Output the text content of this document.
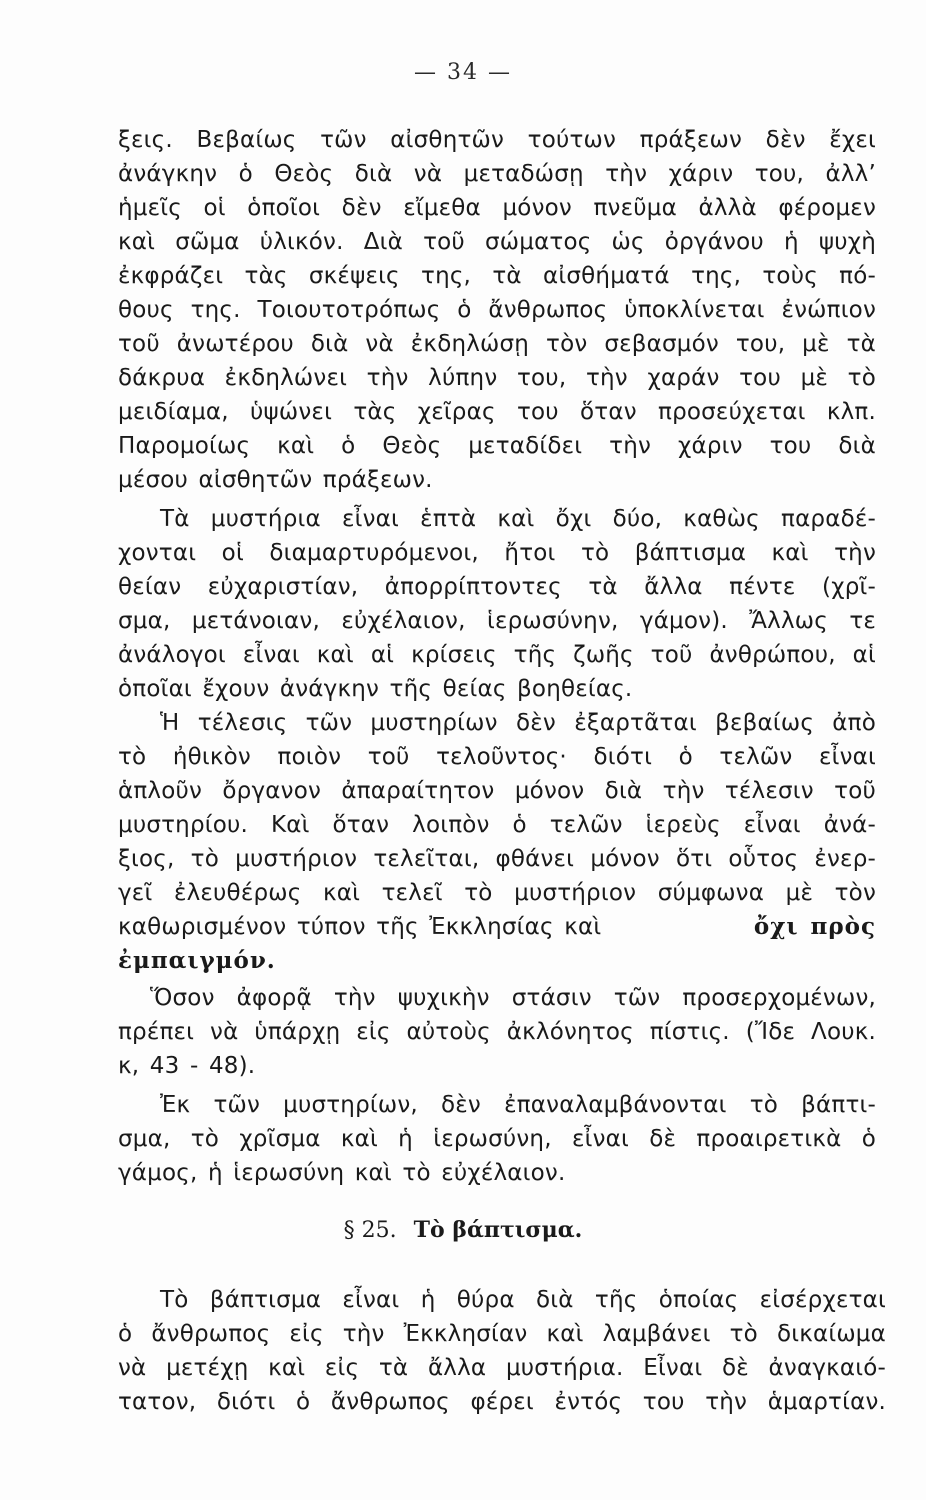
— 34 —
ξεις. Βεβαίως τῶν αἰσθητῶν τούτων πράξεων δὲν ἔχει
ἀνάγκην ὁ Θεὸς διὰ νὰ μεταδώσῃ τὴν χάριν του, ἀλλ’
ἡμεῖς οἱ ὁποῖοι δὲν εἴμεθα μόνον πνεῦμα ἀλλὰ φέρομεν
καὶ σῶμα ὑλικόν. Διὰ τοῦ σώματος ὡς ὀργάνου ἡ ψυχὴ
ἐκφράζει τὰς σκέψεις της, τὰ αἰσθήματά της, τοὺς πό-
θους της. Τοιουτοτρόπως ὁ ἄνθρωπος ὑποκλίνεται ἐνώπιον
τοῦ ἀνωτέρου διὰ νὰ ἐκδηλώσῃ τὸν σεβασμόν του, μὲ τὰ
δάκρυα ἐκδηλώνει τὴν λύπην του, τὴν χαράν του μὲ τὸ
μειδίαμα, ὑψώνει τὰς χεῖρας του ὅταν προσεύχεται κλπ.
Παρομοίως καὶ ὁ Θεὸς μεταδίδει τὴν χάριν του διὰ
μέσου αἰσθητῶν πράξεων.
Τὰ μυστήρια εἶναι ἑπτὰ καὶ ὄχι δύο, καθὼς παραδέ-
χονται οἱ διαμαρτυρόμενοι, ἤτοι τὸ βάπτισμα καὶ τὴν
θείαν εὐχαριστίαν, ἀπορρίπτοντες τὰ ἄλλα πέντε (χρῖ-
σμα, μετάνοιαν, εὐχέλαιον, ἱερωσύνην, γάμον). Ἄλλως τε
ἀνάλογοι εἶναι καὶ αἱ κρίσεις τῆς ζωῆς τοῦ ἀνθρώπου, αἱ
ὁποῖαι ἔχουν ἀνάγκην τῆς θείας βοηθείας.
Ἡ τέλεσις τῶν μυστηρίων δὲν ἐξαρτᾶται βεβαίως ἀπὸ
τὸ ἠθικὸν ποιὸν τοῦ τελοῦντος· διότι ὁ τελῶν εἶναι
ἁπλοῦν ὄργανον ἀπαραίτητον μόνον διὰ τὴν τέλεσιν τοῦ
μυστηρίου. Καὶ ὅταν λοιπὸν ὁ τελῶν ἱερεὺς εἶναι ἀνά-
ξιος, τὸ μυστήριον τελεῖται, φθάνει μόνον ὅτι οὗτος ἐνερ-
γεῖ ἐλευθέρως καὶ τελεῖ τὸ μυστήριον σύμφωνα μὲ τὸν
καθωρισμένον τύπον τῆς Ἐκκλησίας καὶ	ὄχι πρὸς
ἐμπαιγμόν.
Ὅσον ἀφορᾷ τὴν ψυχικὴν στάσιν τῶν προσερχομένων,
πρέπει νὰ ὑπάρχῃ εἰς αὐτοὺς ἀκλόνητος πίστις. (Ἴδε Λουκ.
κ, 43 - 48).
Ἐκ τῶν μυστηρίων, δὲν ἐπαναλαμβάνονται τὸ βάπτι-
σμα, τὸ χρῖσμα καὶ ἡ ἱερωσύνη, εἶναι δὲ προαιρετικὰ ὁ
γάμος, ἡ ἱερωσύνη καὶ τὸ εὐχέλαιον.
§ 25. Τὸ βάπτισμα.
Τὸ βάπτισμα εἶναι ἡ θύρα διὰ τῆς ὁποίας εἰσέρχεται
ὁ ἄνθρωπος εἰς τὴν Ἐκκλησίαν καὶ λαμβάνει τὸ δικαίωμα
νὰ μετέχῃ καὶ εἰς τὰ ἄλλα μυστήρια. Εἶναι δὲ ἀναγκαιό-
τατον, διότι ὁ ἄνθρωπος φέρει ἐντός του τὴν ἁμαρτίαν.
